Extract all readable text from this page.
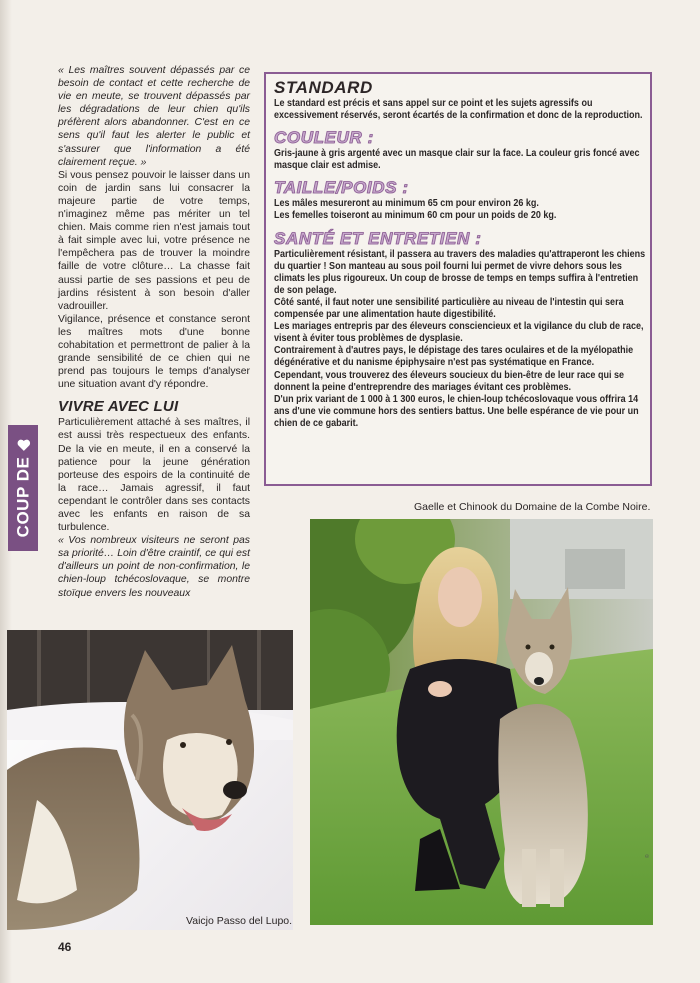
COUP DE

« Les maîtres souvent dépassés par ce besoin de contact et cette recherche de vie en meute, se trouvent dépassés par les dégradations de leur chien qu'ils préfèrent alors abandonner. C'est en ce sens qu'il faut les alerter le public et s'assurer que l'information a été clairement reçue. »

Si vous pensez pouvoir le laisser dans un coin de jardin sans lui consacrer la majeure partie de votre temps, n'imaginez même pas mériter un tel chien. Mais comme rien n'est jamais tout à fait simple avec lui, votre présence ne l'empêchera pas de trouver la moindre faille de votre clôture… La chasse fait aussi partie de ses passions et peu de jardins résistent à son besoin d'aller vadrouiller.

Vigilance, présence et constance seront les maîtres mots d'une bonne cohabitation et permettront de palier à la grande sensibilité de ce chien qui ne prend pas toujours le temps d'analyser une situation avant d'y répondre.

VIVRE AVEC LUI

Particulièrement attaché à ses maîtres, il est aussi très respectueux des enfants. De la vie en meute, il en a conservé la patience pour la jeune génération porteuse des espoirs de la continuité de la race… Jamais agressif, il faut cependant le contrôler dans ses contacts avec les enfants en raison de sa turbulence.

« Vos nombreux visiteurs ne seront pas sa priorité… Loin d'être craintif, ce qui est d'ailleurs un point de non-confirmation, le chien-loup tchécoslovaque, se montre stoïque envers les nouveaux

STANDARD

Le standard est précis et sans appel sur ce point et les sujets agressifs ou excessivement réservés, seront écartés de la confirmation et donc de la reproduction.

COULEUR :

Gris-jaune à gris argenté avec un masque clair sur la face. La couleur gris foncé avec masque clair est admise.

TAILLE/POIDS :

Les mâles mesureront au minimum 65 cm pour environ 26 kg.

Les femelles toiseront au minimum 60 cm pour un poids de 20 kg.

SANTÉ ET ENTRETIEN :

Particulièrement résistant, il passera au travers des maladies qu'attraperont les chiens du quartier ! Son manteau au sous poil fourni lui permet de vivre dehors sous les climats les plus rigoureux. Un coup de brosse de temps en temps suffira à l'entretien de son pelage.

Côté santé, il faut noter une sensibilité particulière au niveau de l'intestin qui sera compensée par une alimentation haute digestibilité.

Les mariages entrepris par des éleveurs consciencieux et la vigilance du club de race, visent à éviter tous problèmes de dysplasie.

Contrairement à d'autres pays, le dépistage des tares oculaires et de la myélopathie dégénérative et du nanisme épiphysaire n'est pas systématique en France.

Cependant, vous trouverez des éleveurs soucieux du bien-être de leur race qui se donnent la peine d'entreprendre des mariages évitant ces problèmes.

D'un prix variant de 1 000 à 1 300 euros, le chien-loup tchécoslovaque vous offrira 14 ans d'une vie commune hors des sentiers battus. Une belle espérance de vie pour un chien de ce gabarit.

Gaelle et Chinook du Domaine de la Combe Noire.
©
Vaicjo Passo del Lupo.
46
